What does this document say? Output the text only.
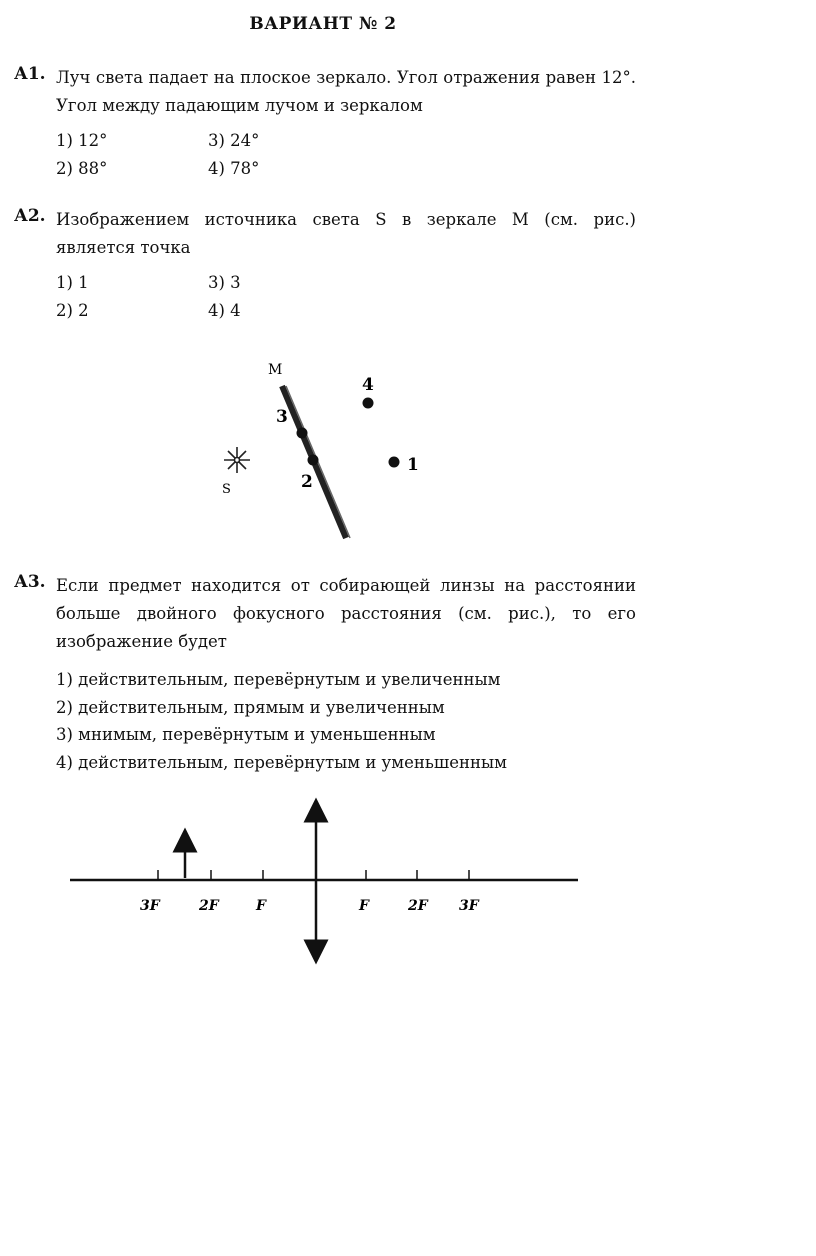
ВАРИАНТ № 2
А1. Луч света падает на плоское зеркало. Угол отражения равен 12°. Угол между падающим лучом и зеркалом
1) 12°	3) 24°
2) 88°	4) 78°
А2. Изображением источника света S в зеркале M (см. рис.) является точка
1) 1	3) 3
2) 2	4) 4
M
S
3
2
4
1
А3. Если предмет находится от собирающей линзы на расстоянии больше двойного фокусного расстояния (см. рис.), то его изображение будет
1) действительным, перевёрнутым и увеличенным
2) действительным, прямым и увеличенным
3) мнимым, перевёрнутым и уменьшенным
4) действительным, перевёрнутым и уменьшенным
3F	2F	F	F	2F 3F
